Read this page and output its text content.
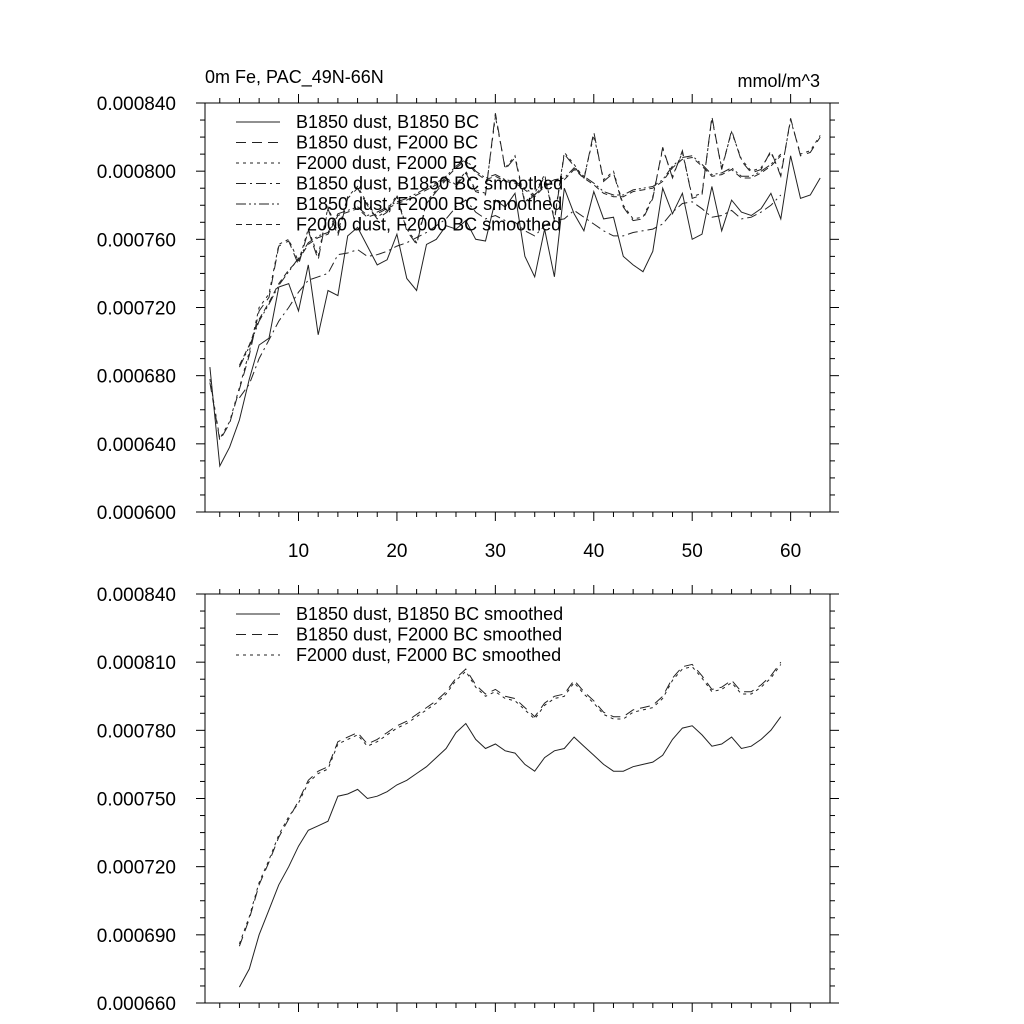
10	20	30	40	50	60
0.000600
0.000640
0.000680
0.000720
0.000760
0.000800
0.000840
0m Fe, PAC_49N-66N	mmol/m^3
B1850 dust, B1850 BC
B1850 dust, F2000 BC
F2000 dust, F2000 BC
B1850 dust, B1850 BC smoothed
B1850 dust, F2000 BC smoothed
F2000 dust, F2000 BC smoothed
0.000660
0.000690
0.000720
0.000750
0.000780
0.000810
0.000840
B1850 dust, B1850 BC smoothed
B1850 dust, F2000 BC smoothed
F2000 dust, F2000 BC smoothed
